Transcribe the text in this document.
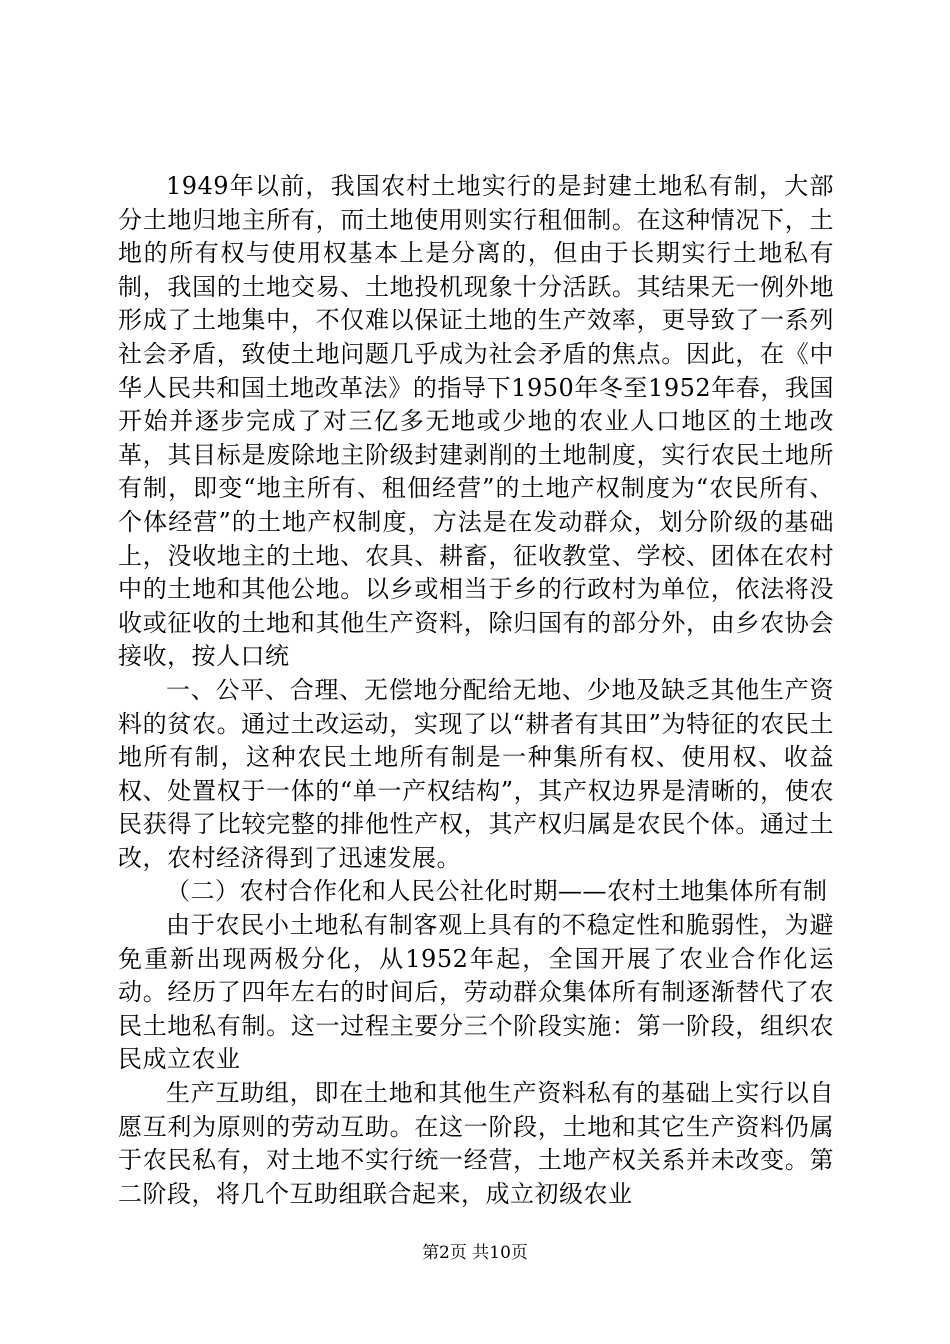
1949年以前，我国农村土地实行的是封建土地私有制，大部分土地归地主所有，而土地使用则实行租佃制。在这种情况下，土地的所有权与使用权基本上是分离的，但由于长期实行土地私有制，我国的土地交易、土地投机现象十分活跃。其结果无一例外地形成了土地集中，不仅难以保证土地的生产效率，更导致了一系列社会矛盾，致使土地问题几乎成为社会矛盾的焦点。因此，在《中华人民共和国土地改革法》的指导下1950年冬至1952年春，我国开始并逐步完成了对三亿多无地或少地的农业人口地区的土地改革，其目标是废除地主阶级封建剥削的土地制度，实行农民土地所有制，即变“地主所有、租佃经营”的土地产权制度为“农民所有、个体经营”的土地产权制度，方法是在发动群众，划分阶级的基础上，没收地主的土地、农具、耕畜，征收教堂、学校、团体在农村中的土地和其他公地。以乡或相当于乡的行政村为单位，依法将没收或征收的土地和其他生产资料，除归国有的部分外，由乡农协会接收，按人口统

一、公平、合理、无偿地分配给无地、少地及缺乏其他生产资料的贫农。通过土改运动，实现了以“耕者有其田”为特征的农民土地所有制，这种农民土地所有制是一种集所有权、使用权、收益权、处置权于一体的“单一产权结构”，其产权边界是清晰的，使农民获得了比较完整的排他性产权，其产权归属是农民个体。通过土改，农村经济得到了迅速发展。

（二）农村合作化和人民公社化时期——农村土地集体所有制

由于农民小土地私有制客观上具有的不稳定性和脆弱性，为避免重新出现两极分化，从1952年起，全国开展了农业合作化运动。经历了四年左右的时间后，劳动群众集体所有制逐渐替代了农民土地私有制。这一过程主要分三个阶段实施：第一阶段，组织农民成立农业

生产互助组，即在土地和其他生产资料私有的基础上实行以自愿互利为原则的劳动互助。在这一阶段，土地和其它生产资料仍属于农民私有，对土地不实行统一经营，土地产权关系并未改变。第二阶段，将几个互助组联合起来，成立初级农业

第2页 共10页
